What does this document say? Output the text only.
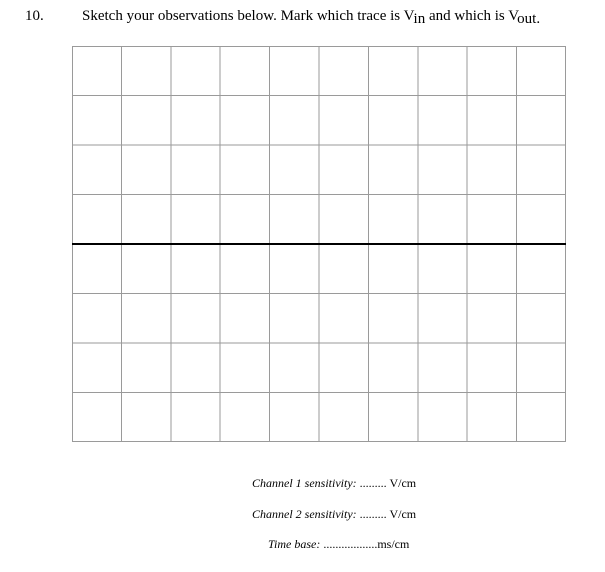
10.	Sketch your observations below. Mark which trace is Vin and which is Vout.
Channel 1 sensitivity: ......... V/cm
Channel 2 sensitivity: ......... V/cm
Time base: ..................ms/cm
